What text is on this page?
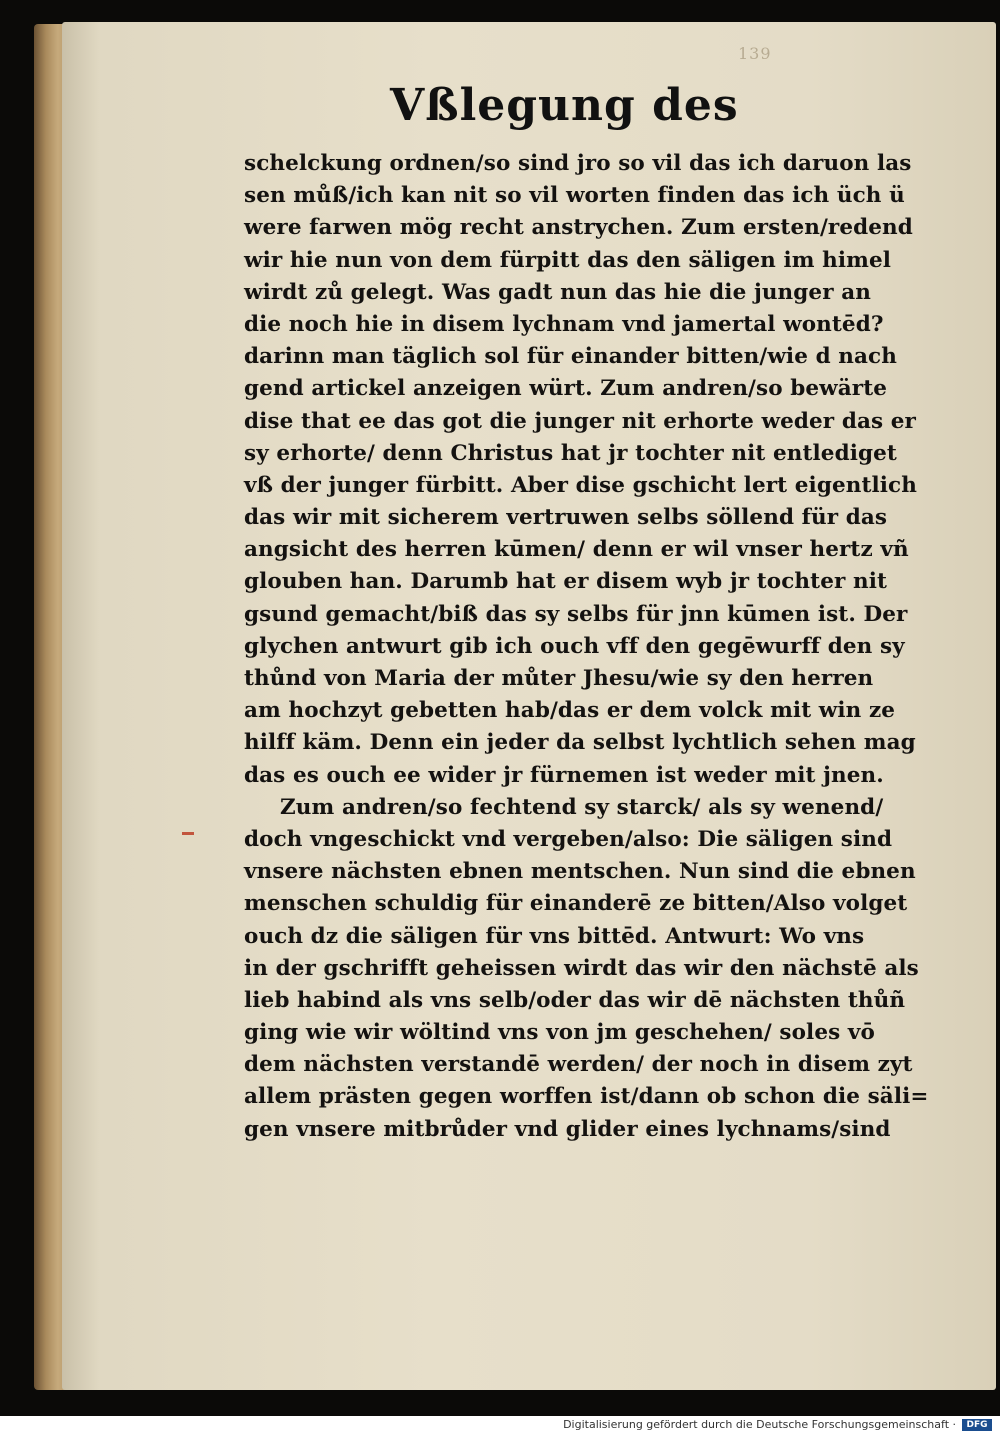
139
Vßlegung des
schelckung ordnen/so sind jro so vil das ich daruon las
sen můß/ich kan nit so vil worten finden das ich üch ü
were farwen mög recht anstrychen. Zum ersten/redend
wir hie nun von dem fürpitt das den säligen im himel
wirdt zů gelegt. Was gadt nun das hie die junger an
die noch hie in disem lychnam vnd jamertal wontēd?
darinn man täglich sol für einander bitten/wie d nach
gend artickel anzeigen würt. Zum andren/so bewärte
dise that ee das got die junger nit erhorte weder das er
sy erhorte/ denn Christus hat jr tochter nit entlediget
vß der junger fürbitt. Aber dise gschicht lert eigentlich
das wir mit sicherem vertruwen selbs söllend für das
angsicht des herren kūmen/ denn er wil vnser hertz vñ
glouben han. Darumb hat er disem wyb jr tochter nit
gsund gemacht/biß das sy selbs für jnn kūmen ist. Der
glychen antwurt gib ich ouch vff den gegēwurff den sy
thůnd von Maria der můter Jhesu/wie sy den herren
am hochzyt gebetten hab/das er dem volck mit win ze
hilff käm. Denn ein jeder da selbst lychtlich sehen mag
das es ouch ee wider jr fürnemen ist weder mit jnen.
Zum andren/so fechtend sy starck/ als sy wenend/
doch vngeschickt vnd vergeben/also: Die säligen sind
vnsere nächsten ebnen mentschen. Nun sind die ebnen
menschen schuldig für einanderē ze bitten/Also volget
ouch dz die säligen für vns bittēd. Antwurt: Wo vns
in der gschrifft geheissen wirdt das wir den nächstē als
lieb habind als vns selb/oder das wir dē nächsten thůñ
ging wie wir wöltind vns von jm geschehen/ soles vō
dem nächsten verstandē werden/ der noch in disem zyt
allem prästen gegen worffen ist/dann ob schon die säli=
gen vnsere mitbrůder vnd glider eines lychnams/sind
Digitalisierung gefördert durch die Deutsche Forschungsgemeinschaft ·	DFG
